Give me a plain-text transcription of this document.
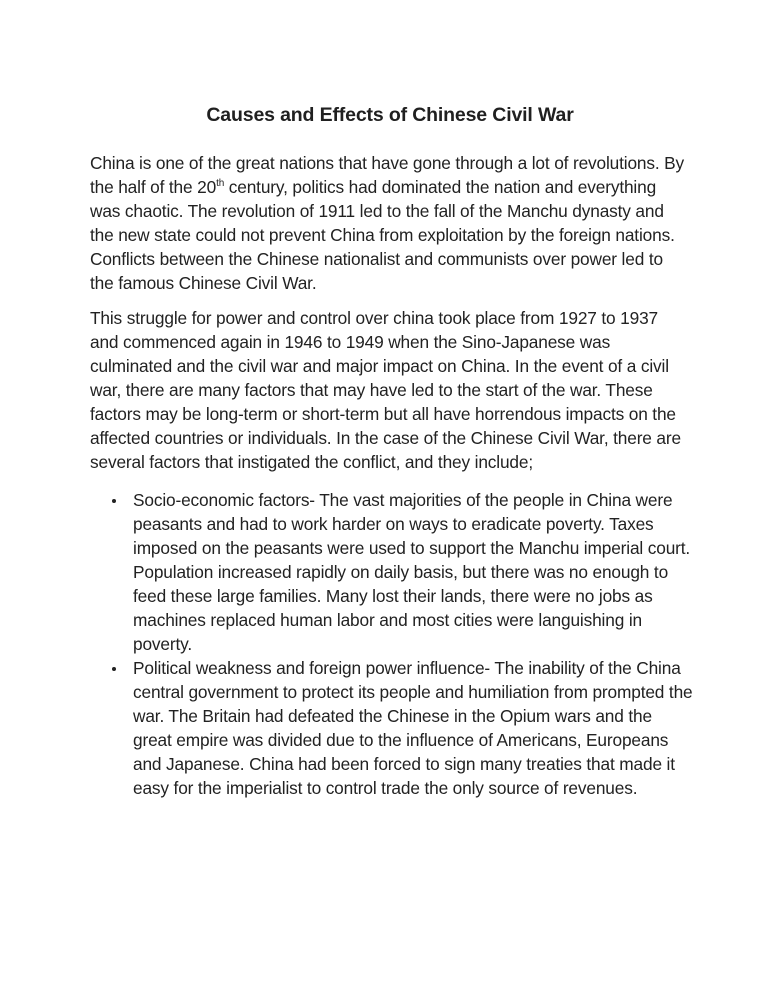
Causes and Effects of Chinese Civil War

China is one of the great nations that have gone through a lot of revolutions. By the half of the 20th century, politics had dominated the nation and everything was chaotic. The revolution of 1911 led to the fall of the Manchu dynasty and the new state could not prevent China from exploitation by the foreign nations. Conflicts between the Chinese nationalist and communists over power led to the famous Chinese Civil War.

This struggle for power and control over china took place from 1927 to 1937 and commenced again in 1946 to 1949 when the Sino-Japanese was culminated and the civil war and major impact on China. In the event of a civil war, there are many factors that may have led to the start of the war. These factors may be long-term or short-term but all have horrendous impacts on the affected countries or individuals. In the case of the Chinese Civil War, there are several factors that instigated the conflict, and they include;

Socio-economic factors- The vast majorities of the people in China were peasants and had to work harder on ways to eradicate poverty. Taxes imposed on the peasants were used to support the Manchu imperial court. Population increased rapidly on daily basis, but there was no enough to feed these large families. Many lost their lands, there were no jobs as machines replaced human labor and most cities were languishing in poverty.
Political weakness and foreign power influence- The inability of the China central government to protect its people and humiliation from prompted the war. The Britain had defeated the Chinese in the Opium wars and the great empire was divided due to the influence of Americans, Europeans and Japanese. China had been forced to sign many treaties that made it easy for the imperialist to control trade the only source of revenues.
